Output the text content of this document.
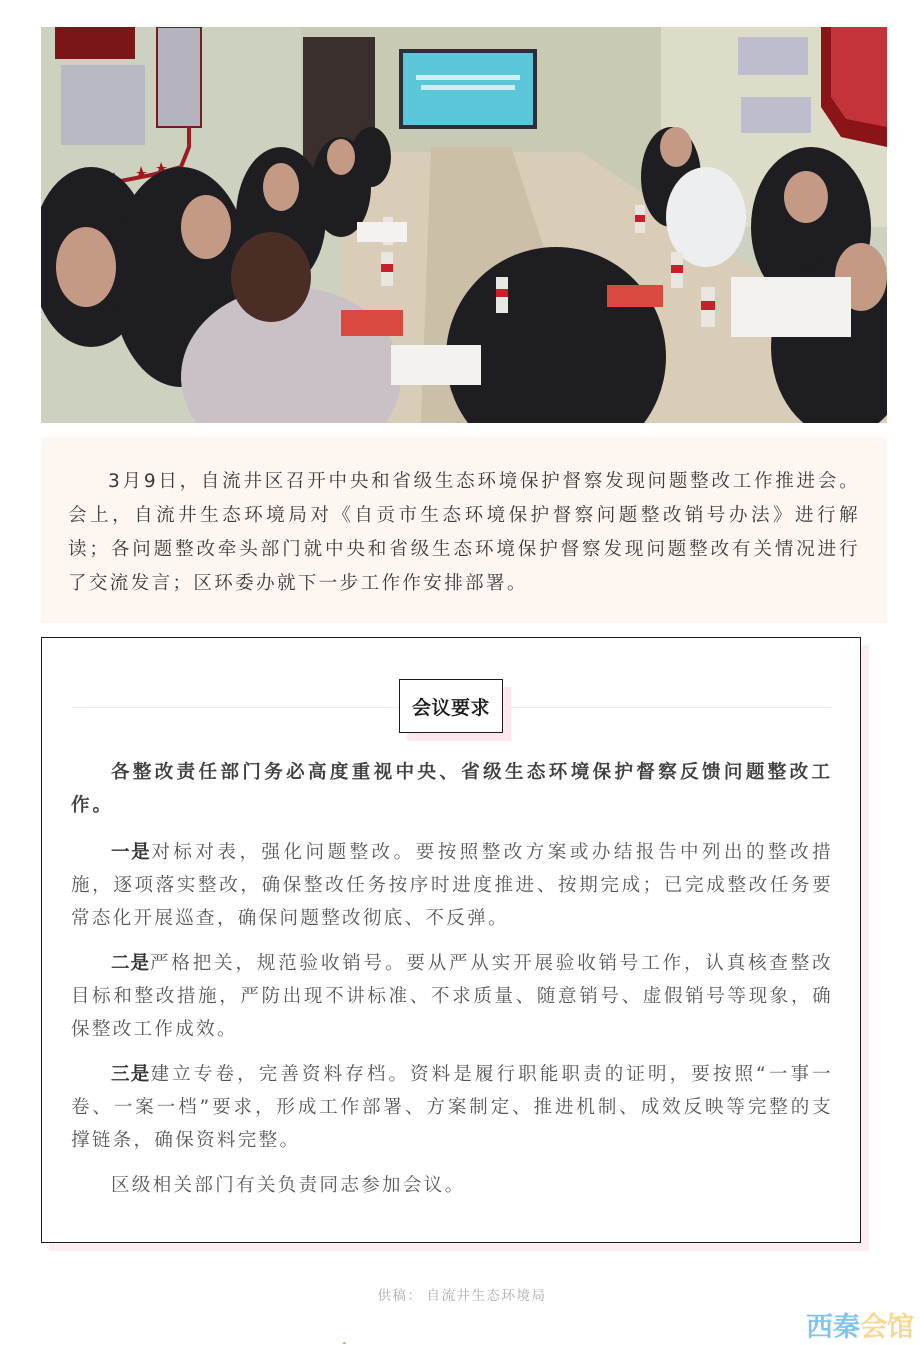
3月9日，自流井区召开中央和省级生态环境保护督察发现问题整改工作推进会。会上，自流井生态环境局对《自贡市生态环境保护督察问题整改销号办法》进行解读；各问题整改牵头部门就中央和省级生态环境保护督察发现问题整改有关情况进行了交流发言；区环委办就下一步工作作安排部署。

会议要求

各整改责任部门务必高度重视中央、省级生态环境保护督察反馈问题整改工作。

一是对标对表，强化问题整改。要按照整改方案或办结报告中列出的整改措施，逐项落实整改，确保整改任务按序时进度推进、按期完成；已完成整改任务要常态化开展巡查，确保问题整改彻底、不反弹。

二是严格把关，规范验收销号。要从严从实开展验收销号工作，认真核查整改目标和整改措施，严防出现不讲标准、不求质量、随意销号、虚假销号等现象，确保整改工作成效。

三是建立专卷，完善资料存档。资料是履行职能职责的证明，要按照“一事一卷、一案一档”要求，形成工作部署、方案制定、推进机制、成效反映等完整的支撑链条，确保资料完整。

区级相关部门有关负责同志参加会议。

供稿： 自流井生态环境局
西秦 会馆
